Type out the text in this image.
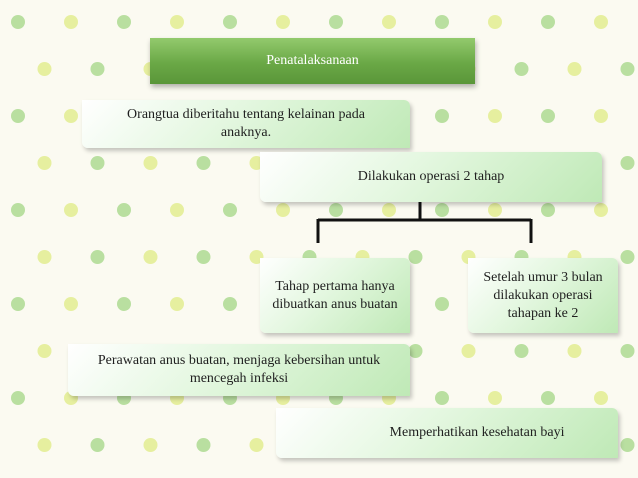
Penatalaksanaan
Orangtua diberitahu tentang kelainan pada anaknya.
Dilakukan operasi 2 tahap
Tahap pertama hanya dibuatkan anus buatan
Setelah umur 3 bulan dilakukan operasi tahapan ke 2
Perawatan anus buatan, menjaga kebersihan untuk mencegah infeksi
Memperhatikan kesehatan bayi
